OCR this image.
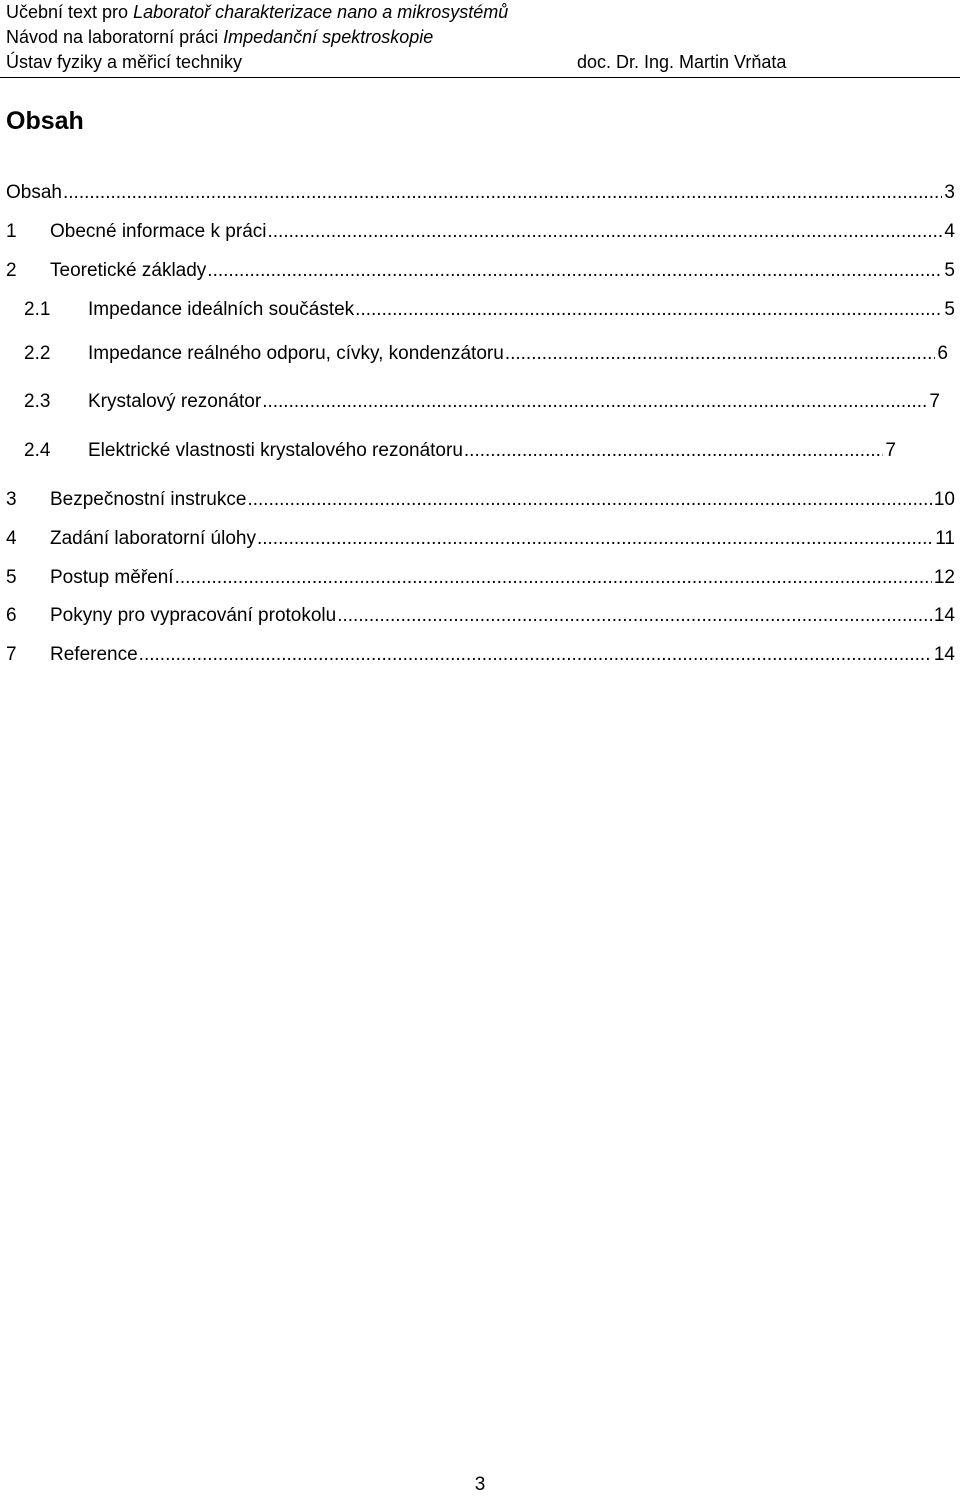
Učební text pro Laboratoř charakterizace nano a mikrosystémů
Návod na laboratorní práci Impedanční spektroskopie
Ústav fyziky a měřicí techniky	doc. Dr. Ing. Martin Vrňata
Obsah
Obsah .....	3
1	Obecné informace k práci .....	4
2	Teoretické základy .....	5
2.1	Impedance ideálních součástek .....	5
2.2	Impedance reálného odporu, cívky, kondenzátoru .....	6
2.3	Krystalový rezonátor .....	7
2.4	Elektrické vlastnosti krystalového rezonátoru .....	7
3	Bezpečnostní instrukce .....	10
4	Zadání laboratorní úlohy .....	11
5	Postup měření .....	12
6	Pokyny pro vypracování protokolu .....	14
7	Reference .....	14
3
